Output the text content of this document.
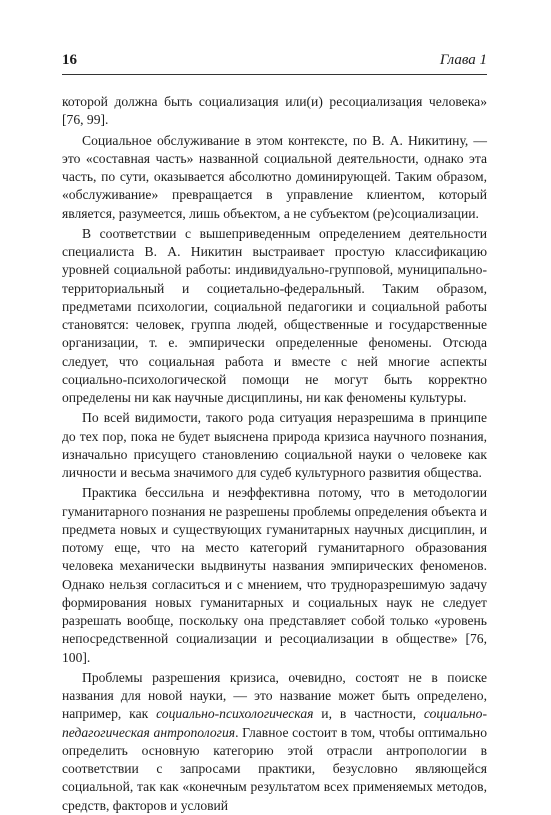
16	Глава 1

которой должна быть социализация или(и) ресоциализация человека» [76, 99].

Социальное обслуживание в этом контексте, по В. А. Никитину, — это «составная часть» названной социальной деятельности, однако эта часть, по сути, оказывается абсолютно доминирующей. Таким образом, «обслуживание» превращается в управление клиентом, который является, разумеется, лишь объектом, а не субъектом (ре)социализации.

В соответствии с вышеприведенным определением деятельности специалиста В. А. Никитин выстраивает простую классификацию уровней социальной работы: индивидуально-групповой, муниципально-территориальный и социетально-федеральный. Таким образом, предметами психологии, социальной педагогики и социальной работы становятся: человек, группа людей, общественные и государственные организации, т. е. эмпирически определенные феномены. Отсюда следует, что социальная работа и вместе с ней многие аспекты социально-психологической помощи не могут быть корректно определены ни как научные дисциплины, ни как феномены культуры.

По всей видимости, такого рода ситуация неразрешима в принципе до тех пор, пока не будет выяснена природа кризиса научного познания, изначально присущего становлению социальной науки о человеке как личности и весьма значимого для судеб культурного развития общества.

Практика бессильна и неэффективна потому, что в методологии гуманитарного познания не разрешены проблемы определения объекта и предмета новых и существующих гуманитарных научных дисциплин, и потому еще, что на место категорий гуманитарного образования человека механически выдвинуты названия эмпирических феноменов. Однако нельзя согласиться и с мнением, что трудноразрешимую задачу формирования новых гуманитарных и социальных наук не следует разрешать вообще, поскольку она представляет собой только «уровень непосредственной социализации и ресоциализации в обществе» [76, 100].

Проблемы разрешения кризиса, очевидно, состоят не в поиске названия для новой науки, — это название может быть определено, например, как социально-психологическая и, в частности, социально-педагогическая антропология. Главное состоит в том, чтобы оптимально определить основную категорию этой отрасли антропологии в соответствии с запросами практики, безусловно являющейся социальной, так как «конечным результатом всех применяемых методов, средств, факторов и условий
